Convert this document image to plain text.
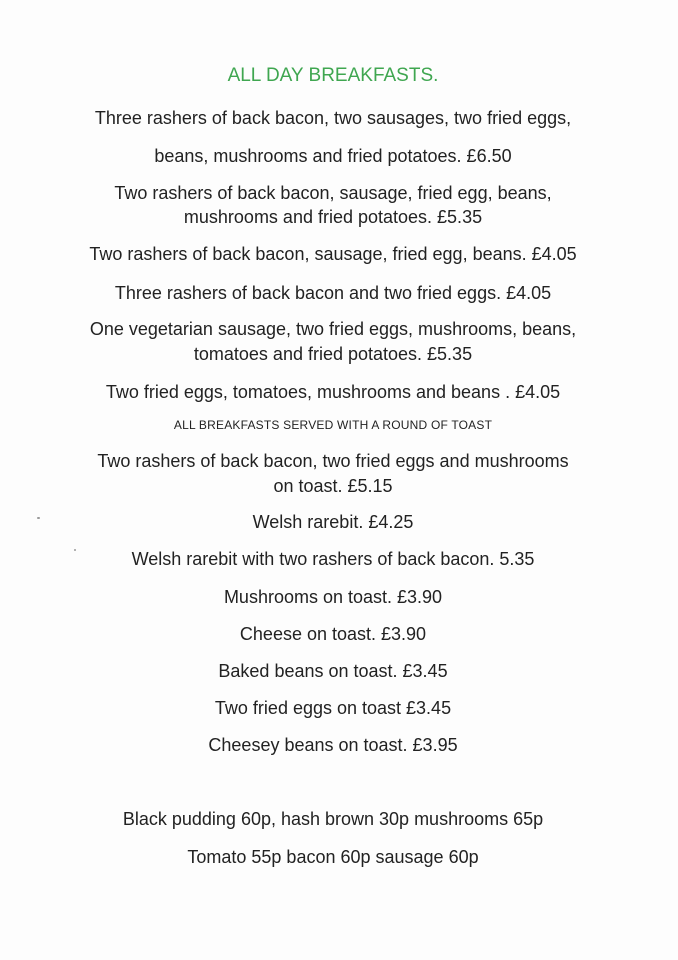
ALL DAY BREAKFASTS.
Three rashers of back bacon, two sausages, two fried eggs,
beans, mushrooms and fried potatoes. £6.50
Two rashers of back bacon, sausage, fried egg, beans,
mushrooms and fried potatoes. £5.35
Two rashers of back bacon, sausage, fried egg, beans. £4.05
Three rashers of back bacon and two fried eggs. £4.05
One vegetarian sausage, two fried eggs, mushrooms, beans,
tomatoes and fried potatoes. £5.35
Two fried eggs, tomatoes, mushrooms and beans . £4.05
ALL BREAKFASTS SERVED WITH A ROUND OF TOAST
Two rashers of back bacon, two fried eggs and mushrooms
on toast. £5.15
Welsh rarebit. £4.25
Welsh rarebit with two rashers of back bacon. 5.35
Mushrooms on toast. £3.90
Cheese on toast. £3.90
Baked beans on toast. £3.45
Two fried eggs on toast £3.45
Cheesey beans on toast. £3.95
Black pudding 60p, hash brown 30p mushrooms 65p
Tomato 55p bacon 60p sausage 60p
